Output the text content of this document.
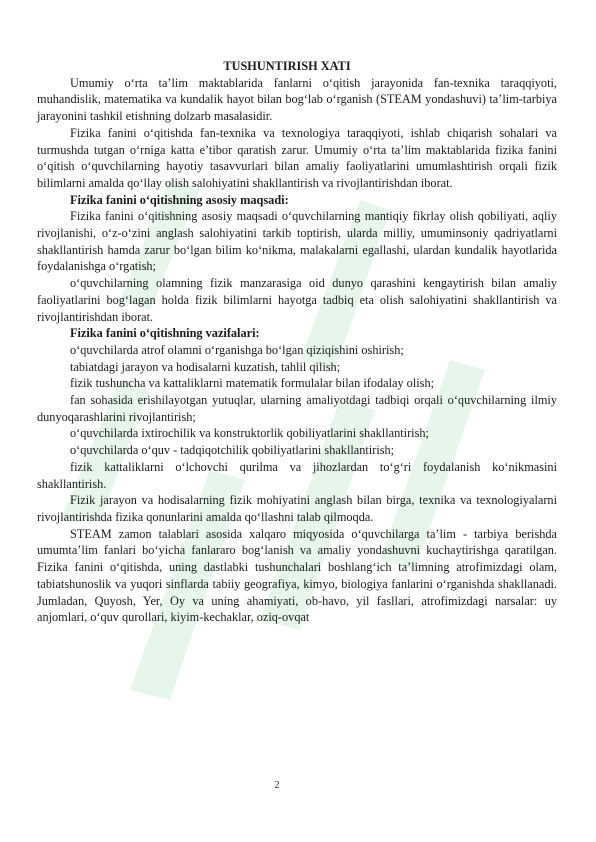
TUSHUNTIRISH XATI

Umumiy o‘rta ta’lim maktablarida fanlarni o‘qitish jarayonida fan-texnika taraqqiyoti, muhandislik, matematika va kundalik hayot bilan bog‘lab o‘rganish (STEAM yondashuvi) ta’lim-tarbiya jarayonini tashkil etishning dolzarb masalasidir.

Fizika fanini o‘qitishda fan-texnika va texnologiya taraqqiyoti, ishlab chiqarish sohalari va turmushda tutgan o‘rniga katta e’tibor qaratish zarur. Umumiy o‘rta ta’lim maktablarida fizika fanini o‘qitish o‘quvchilarning hayotiy tasavvurlari bilan amaliy faoliyatlarini umumlashtirish orqali fizik bilimlarni amalda qo‘llay olish salohiyatini shakllantirish va rivojlantirishdan iborat.

Fizika fanini o‘qitishning asosiy maqsadi:

Fizika fanini o‘qitishning asosiy maqsadi o‘quvchilarning mantiqiy fikrlay olish qobiliyati, aqliy rivojlanishi, o‘z-o‘zini anglash salohiyatini tarkib toptirish, ularda milliy, umuminsoniy qadriyatlarni shakllantirish hamda zarur bo‘lgan bilim ko‘nikma, malakalarni egallashi, ulardan kundalik hayotlarida foydalanishga o‘rgatish;

o‘quvchilarning olamning fizik manzarasiga oid dunyo qarashini kengaytirish bilan amaliy faoliyatlarini bog‘lagan holda fizik bilimlarni hayotga tadbiq eta olish salohiyatini shakllantirish va rivojlantirishdan iborat.

Fizika fanini o‘qitishning vazifalari:

o‘quvchilarda atrof olamni o‘rganishga bo‘lgan qiziqishini oshirish;

tabiatdagi jarayon va hodisalarni kuzatish, tahlil qilish;

fizik tushuncha va kattaliklarni matematik formulalar bilan ifodalay olish;

fan sohasida erishilayotgan yutuqlar, ularning amaliyotdagi tadbiqi orqali o‘quvchilarning ilmiy dunyoqarashlarini rivojlantirish;

o‘quvchilarda ixtirochilik va konstruktorlik qobiliyatlarini shakllantirish;

o‘quvchilarda o‘quv - tadqiqotchilik qobiliyatlarini shakllantirish;

fizik kattaliklarni o‘lchovchi qurilma va jihozlardan to‘g‘ri foydalanish ko‘nikmasini shakllantirish.

Fizik jarayon va hodisalarning fizik mohiyatini anglash bilan birga, texnika va texnologiyalarni rivojlantirishda fizika qonunlarini amalda qo‘llashni talab qilmoqda.

STEAM zamon talablari asosida xalqaro miqyosida o‘quvchilarga ta’lim - tarbiya berishda umumta’lim fanlari bo‘yicha fanlararo bog‘lanish va amaliy yondashuvni kuchaytirishga qaratilgan. Fizika fanini o‘qitishda, uning dastlabki tushunchalari boshlang‘ich ta’limning atrofimizdagi olam, tabiatshunoslik va yuqori sinflarda tabiiy geografiya, kimyo, biologiya fanlarini o‘rganishda shakllanadi. Jumladan, Quyosh, Yer, Oy va uning ahamiyati, ob-havo, yil fasllari, atrofimizdagi narsalar: uy anjomlari, o‘quv qurollari, kiyim-kechaklar, oziq-ovqat

2
